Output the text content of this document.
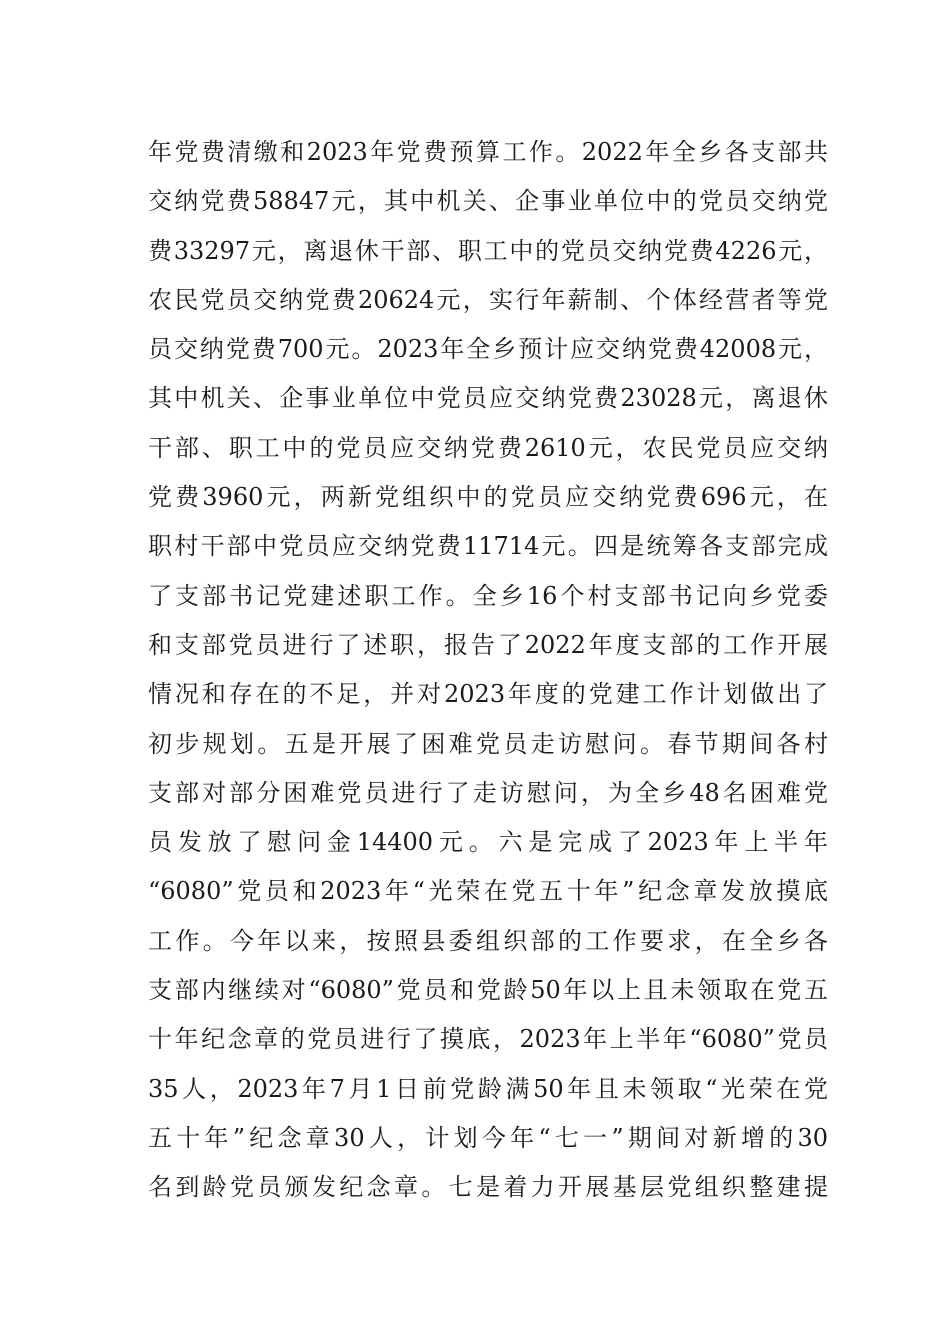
年党费清缴和2023年党费预算工作。2022年全乡各支部共
交纳党费58847元，其中机关、企事业单位中的党员交纳党
费33297元，离退休干部、职工中的党员交纳党费4226元，
农民党员交纳党费20624元，实行年薪制、个体经营者等党
员交纳党费700元。2023年全乡预计应交纳党费42008元，
其中机关、企事业单位中党员应交纳党费23028元，离退休
干部、职工中的党员应交纳党费2610元，农民党员应交纳
党费3960元，两新党组织中的党员应交纳党费696元，在
职村干部中党员应交纳党费11714元。四是统筹各支部完成
了支部书记党建述职工作。全乡16个村支部书记向乡党委
和支部党员进行了述职，报告了2022年度支部的工作开展
情况和存在的不足，并对2023年度的党建工作计划做出了
初步规划。五是开展了困难党员走访慰问。春节期间各村
支部对部分困难党员进行了走访慰问，为全乡48名困难党
员发放了慰问金14400元。六是完成了2023年上半年
“6080”党员和2023年“光荣在党五十年”纪念章发放摸底
工作。今年以来，按照县委组织部的工作要求，在全乡各
支部内继续对“6080”党员和党龄50年以上且未领取在党五
十年纪念章的党员进行了摸底，2023年上半年“6080”党员
35人，2023年7月1日前党龄满50年且未领取“光荣在党
五十年”纪念章30人，计划今年“七一”期间对新增的30
名到龄党员颁发纪念章。七是着力开展基层党组织整建提
